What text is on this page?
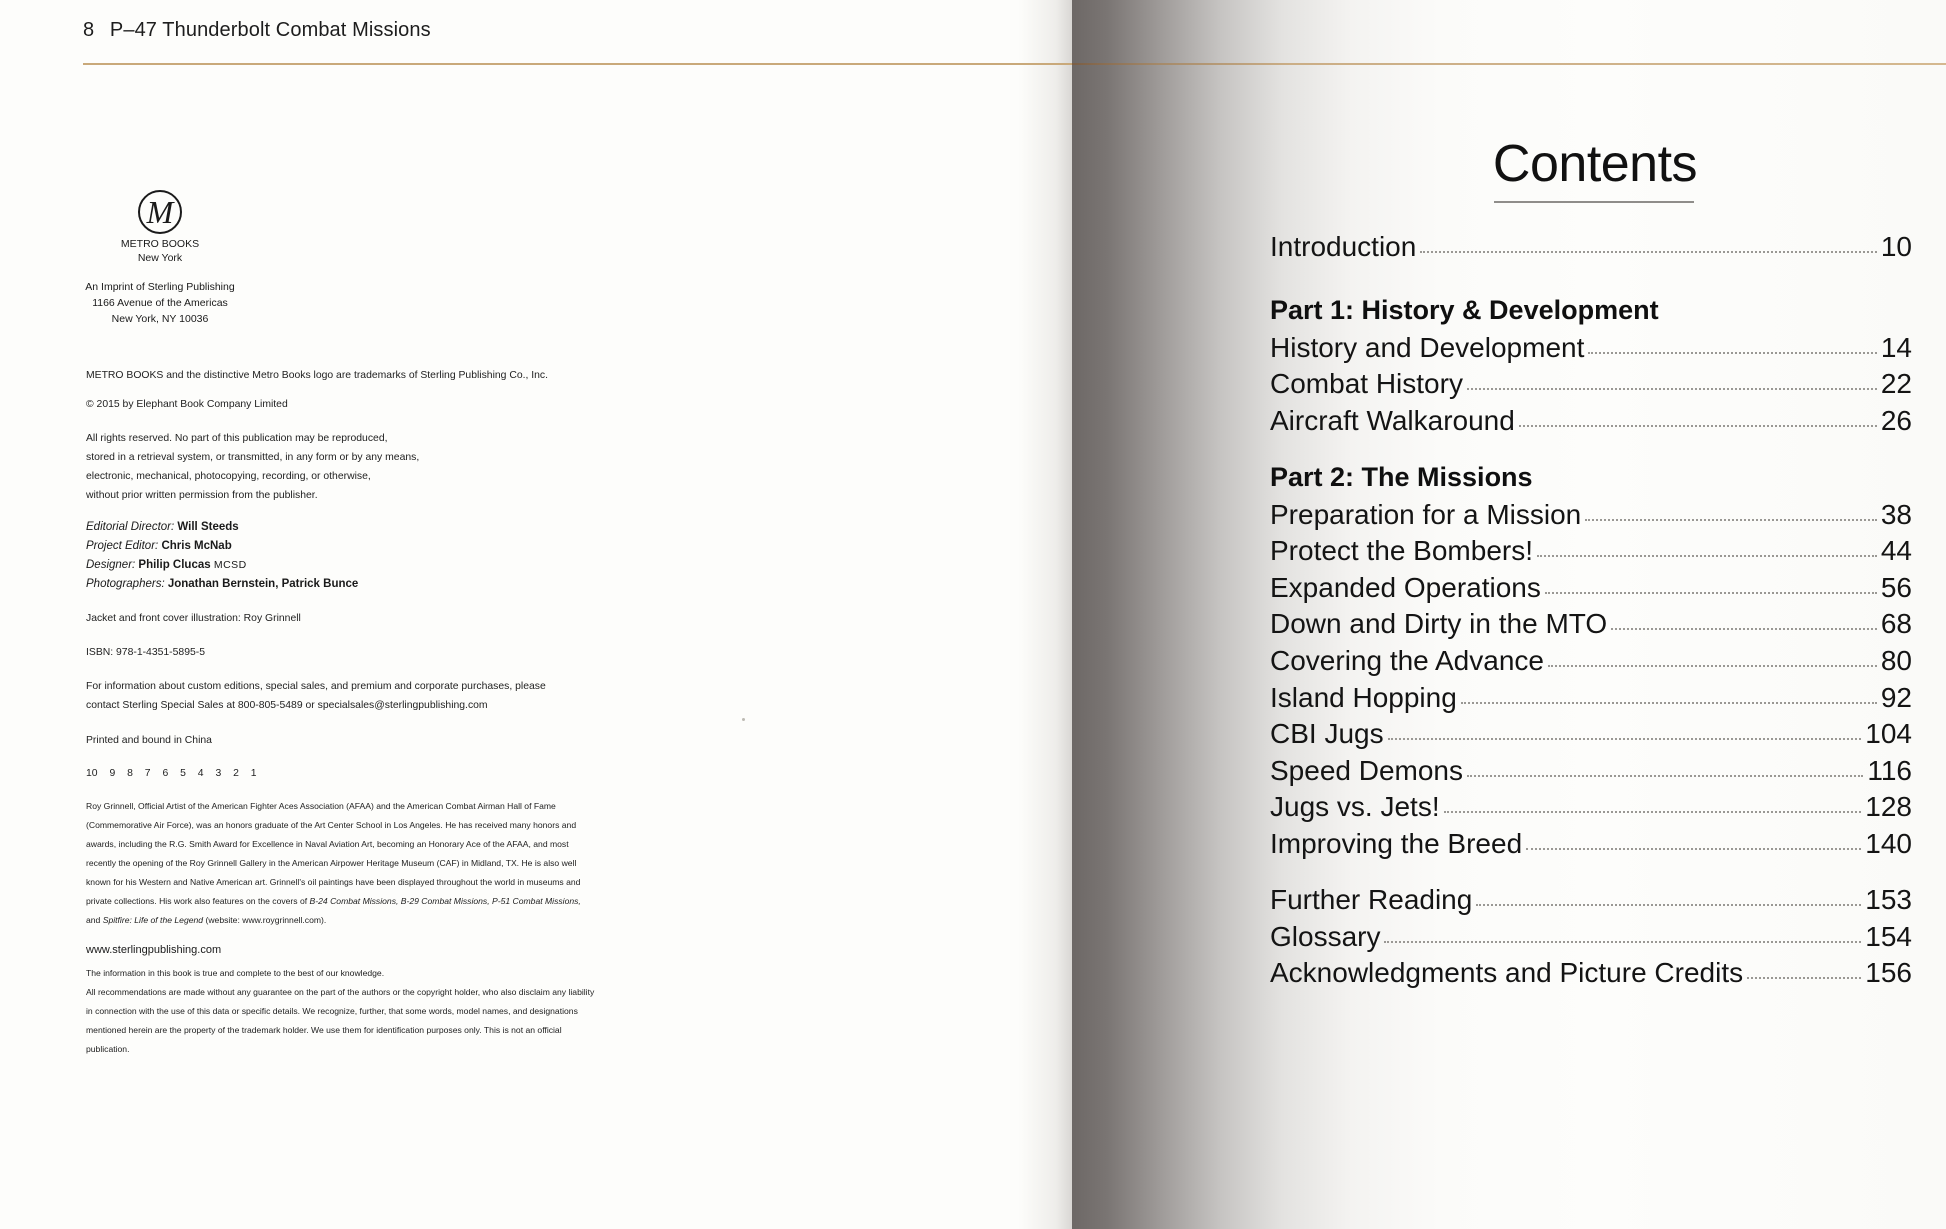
8 P–47 Thunderbolt Combat Missions
M
METRO BOOKS
New York
An Imprint of Sterling Publishing
1166 Avenue of the Americas
New York, NY 10036
METRO BOOKS and the distinctive Metro Books logo are trademarks of Sterling Publishing Co., Inc.
© 2015 by Elephant Book Company Limited
All rights reserved. No part of this publication may be reproduced,
stored in a retrieval system, or transmitted, in any form or by any means,
electronic, mechanical, photocopying, recording, or otherwise,
without prior written permission from the publisher.
Editorial Director: Will Steeds
Project Editor: Chris McNab
Designer: Philip Clucas MCSD
Photographers: Jonathan Bernstein, Patrick Bunce
Jacket and front cover illustration: Roy Grinnell
ISBN: 978-1-4351-5895-5
For information about custom editions, special sales, and premium and corporate purchases, please
contact Sterling Special Sales at 800-805-5489 or specialsales@sterlingpublishing.com
Printed and bound in China
10 9 8 7 6 5 4 3 2 1
Roy Grinnell, Official Artist of the American Fighter Aces Association (AFAA) and the American Combat Airman Hall of Fame (Commemorative Air Force), was an honors graduate of the Art Center School in Los Angeles. He has received many honors and awards, including the R.G. Smith Award for Excellence in Naval Aviation Art, becoming an Honorary Ace of the AFAA, and most recently the opening of the Roy Grinnell Gallery in the American Airpower Heritage Museum (CAF) in Midland, TX. He is also well known for his Western and Native American art. Grinnell's oil paintings have been displayed throughout the world in museums and private collections. His work also features on the covers of B-24 Combat Missions, B-29 Combat Missions, P-51 Combat Missions, and Spitfire: Life of the Legend (website: www.roygrinnell.com).
www.sterlingpublishing.com
The information in this book is true and complete to the best of our knowledge.
All recommendations are made without any guarantee on the part of the authors or the copyright holder, who also disclaim any liability in connection with the use of this data or specific details. We recognize, further, that some words, model names, and designations mentioned herein are the property of the trademark holder. We use them for identification purposes only. This is not an official publication.
Contents
Introduction	10
Part 1: History & Development
History and Development	14
Combat History	22
Aircraft Walkaround	26
Part 2: The Missions
Preparation for a Mission	38
Protect the Bombers!	44
Expanded Operations	56
Down and Dirty in the MTO	68
Covering the Advance	80
Island Hopping	92
CBI Jugs	104
Speed Demons	116
Jugs vs. Jets!	128
Improving the Breed	140
Further Reading	153
Glossary	154
Acknowledgments and Picture Credits	156
